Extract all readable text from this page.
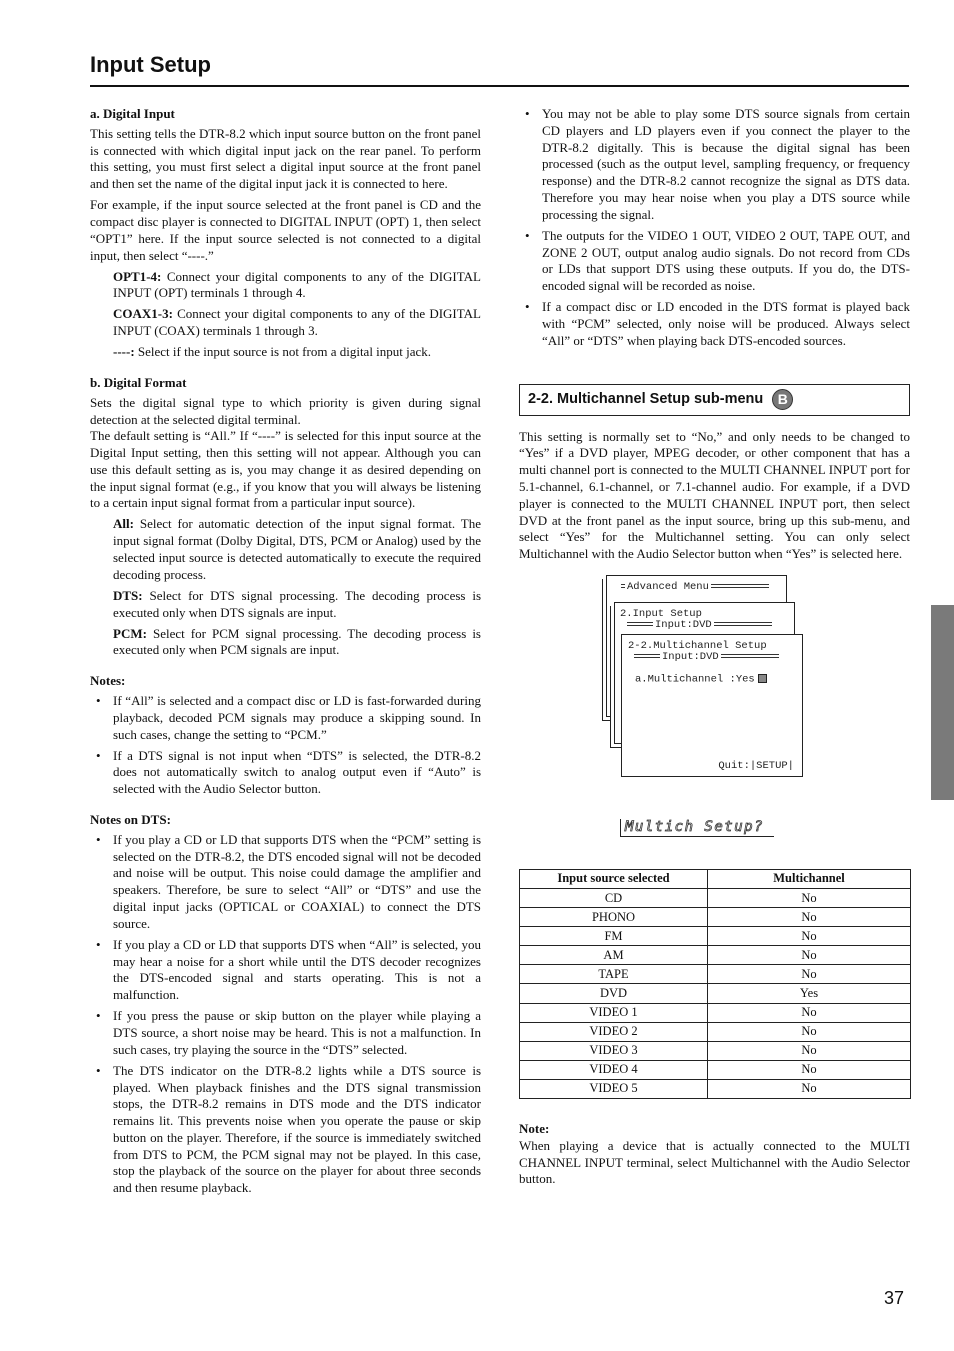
Input Setup

a. Digital Input

This setting tells the DTR-8.2 which input source button on the front panel is connected with which digital input jack on the rear panel. To perform this setting, you must first select a digital input source at the front panel and then set the name of the digital input jack it is connected to here.

For example, if the input source selected at the front panel is CD and the compact disc player is connected to DIGITAL INPUT (OPT) 1, then select “OPT1” here. If the input source selected is not connected to a digital input, then select “----.”

OPT1-4: Connect your digital components to any of the DIGITAL INPUT (OPT) terminals 1 through 4.

COAX1-3: Connect your digital components to any of the DIGITAL INPUT (COAX) terminals 1 through 3.

----: Select if the input source is not from a digital input jack.

b. Digital Format

Sets the digital signal type to which priority is given during signal detection at the selected digital terminal.

The default setting is “All.” If “----” is selected for this input source at the Digital Input setting, then this setting will not appear. Although you can use this default setting as is, you may change it as desired depending on the input signal format (e.g., if you know that you will always be listening to a certain input signal format from a particular input source).

All: Select for automatic detection of the input signal format. The input signal format (Dolby Digital, DTS, PCM or Analog) used by the selected input source is detected automatically to execute the required decoding process.

DTS: Select for DTS signal processing. The decoding process is executed only when DTS signals are input.

PCM: Select for PCM signal processing. The decoding process is executed only when PCM signals are input.

Notes:

• If “All” is selected and a compact disc or LD is fast-forwarded during playback, decoded PCM signals may produce a skipping sound. In such cases, change the setting to “PCM.”
• If a DTS signal is not input when “DTS” is selected, the DTR-8.2 does not automatically switch to analog output even if “Auto” is selected with the Audio Selector button.

Notes on DTS:

• If you play a CD or LD that supports DTS when the “PCM” setting is selected on the DTR-8.2, the DTS encoded signal will not be decoded and noise will be output. This noise could damage the amplifier and speakers. Therefore, be sure to select “All” or “DTS” and use the digital input jacks (OPTICAL or COAXIAL) to connect the DTS source.
• If you play a CD or LD that supports DTS when “All” is selected, you may hear a noise for a short while until the DTS decoder recognizes the DTS-encoded signal and starts operating. This is not a malfunction.
• If you press the pause or skip button on the player while playing a DTS source, a short noise may be heard. This is not a malfunction. In such cases, try playing the source in the “DTS” selected.
• The DTS indicator on the DTR-8.2 lights while a DTS source is played. When playback finishes and the DTS signal transmission stops, the DTR-8.2 remains in DTS mode and the DTS indicator remains lit. This prevents noise when you operate the pause or skip button on the player. Therefore, if the source is immediately switched from DTS to PCM, the PCM signal may not be played. In this case, stop the playback of the source on the player for about three seconds and then resume playback.
• You may not be able to play some DTS source signals from certain CD players and LD players even if you connect the player to the DTR-8.2 digitally. This is because the digital signal has been processed (such as the output level, sampling frequency, or frequency response) and the DTR-8.2 cannot recognize the signal as DTS data. Therefore you may hear noise when you play a DTS source while processing the signal.
• The outputs for the VIDEO 1 OUT, VIDEO 2 OUT, TAPE OUT, and ZONE 2 OUT, output analog audio signals. Do not record from CDs or LDs that support DTS using these outputs. If you do, the DTS-encoded signal will be recorded as noise.
• If a compact disc or LD encoded in the DTS format is played back with “PCM” selected, only noise will be produced. Always select “All” or “DTS” when playing back DTS-encoded sources.
2-2. Multichannel Setup sub-menu	B

This setting is normally set to “No,” and only needs to be changed to “Yes” if a DVD player, MPEG decoder, or other component that has a multi channel port is connected to the MULTI CHANNEL INPUT port for 5.1-channel, 6.1-channel, or 7.1-channel audio. For example, if a DVD player is connected to the MULTI CHANNEL INPUT port, then select DVD at the front panel as the input source, bring up this sub-menu, and select “Yes” for the Multichannel setting. You can only select Multichannel with the Audio Selector button when “Yes” is selected here.

Advanced Menu
2.Input Setup
Input:DVD
2-2.Multichannel Setup
Input:DVD
a.Multichannel :Yes
Quit:|SETUP|
Multich Setup?
Input source selected	Multichannel
CD	No
PHONO	No
FM	No
AM	No
TAPE	No
DVD	Yes
VIDEO 1	No
VIDEO 2	No
VIDEO 3	No
VIDEO 4	No
VIDEO 5	No

Note:

When playing a device that is actually connected to the MULTI CHANNEL INPUT terminal, select Multichannel with the Audio Selector button.

37
